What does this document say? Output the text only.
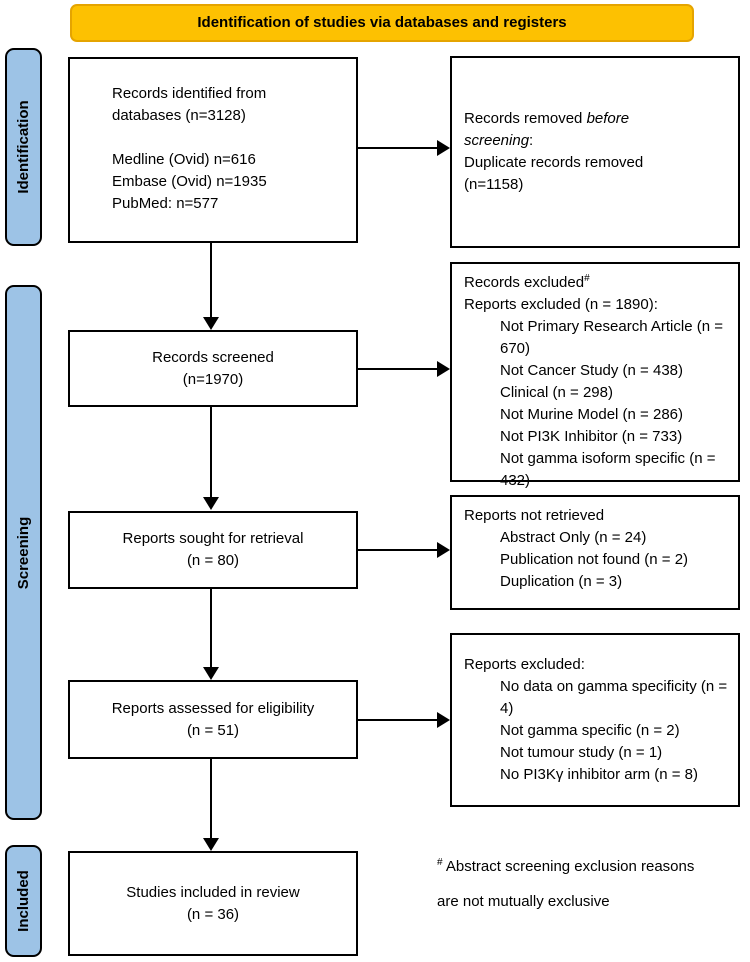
Identification of studies via databases and registers
Identification
Screening
Included
Records identified from
databases (n=3128)
Medline (Ovid) n=616
Embase (Ovid) n=1935
PubMed: n=577
Records screened
(n=1970)
Reports sought for retrieval
(n = 80)
Reports assessed for eligibility
(n = 51)
Studies included in review
(n = 36)
Records removed before
screening:
Duplicate records removed
(n=1158)
Records excluded#
Reports excluded (n = 1890):
Not Primary Research Article (n = 670)
Not Cancer Study (n = 438)
Clinical (n = 298)
Not Murine Model (n = 286)
Not PI3K Inhibitor (n = 733)
Not gamma isoform specific (n = 432)
Reports not retrieved
Abstract Only (n = 24)
Publication not found (n = 2)
Duplication (n = 3)
Reports excluded:
No data on gamma specificity (n = 4)
Not gamma specific (n = 2)
Not tumour study (n = 1)
No PI3Kγ inhibitor arm (n = 8)
# Abstract screening exclusion reasons
are not mutually exclusive
